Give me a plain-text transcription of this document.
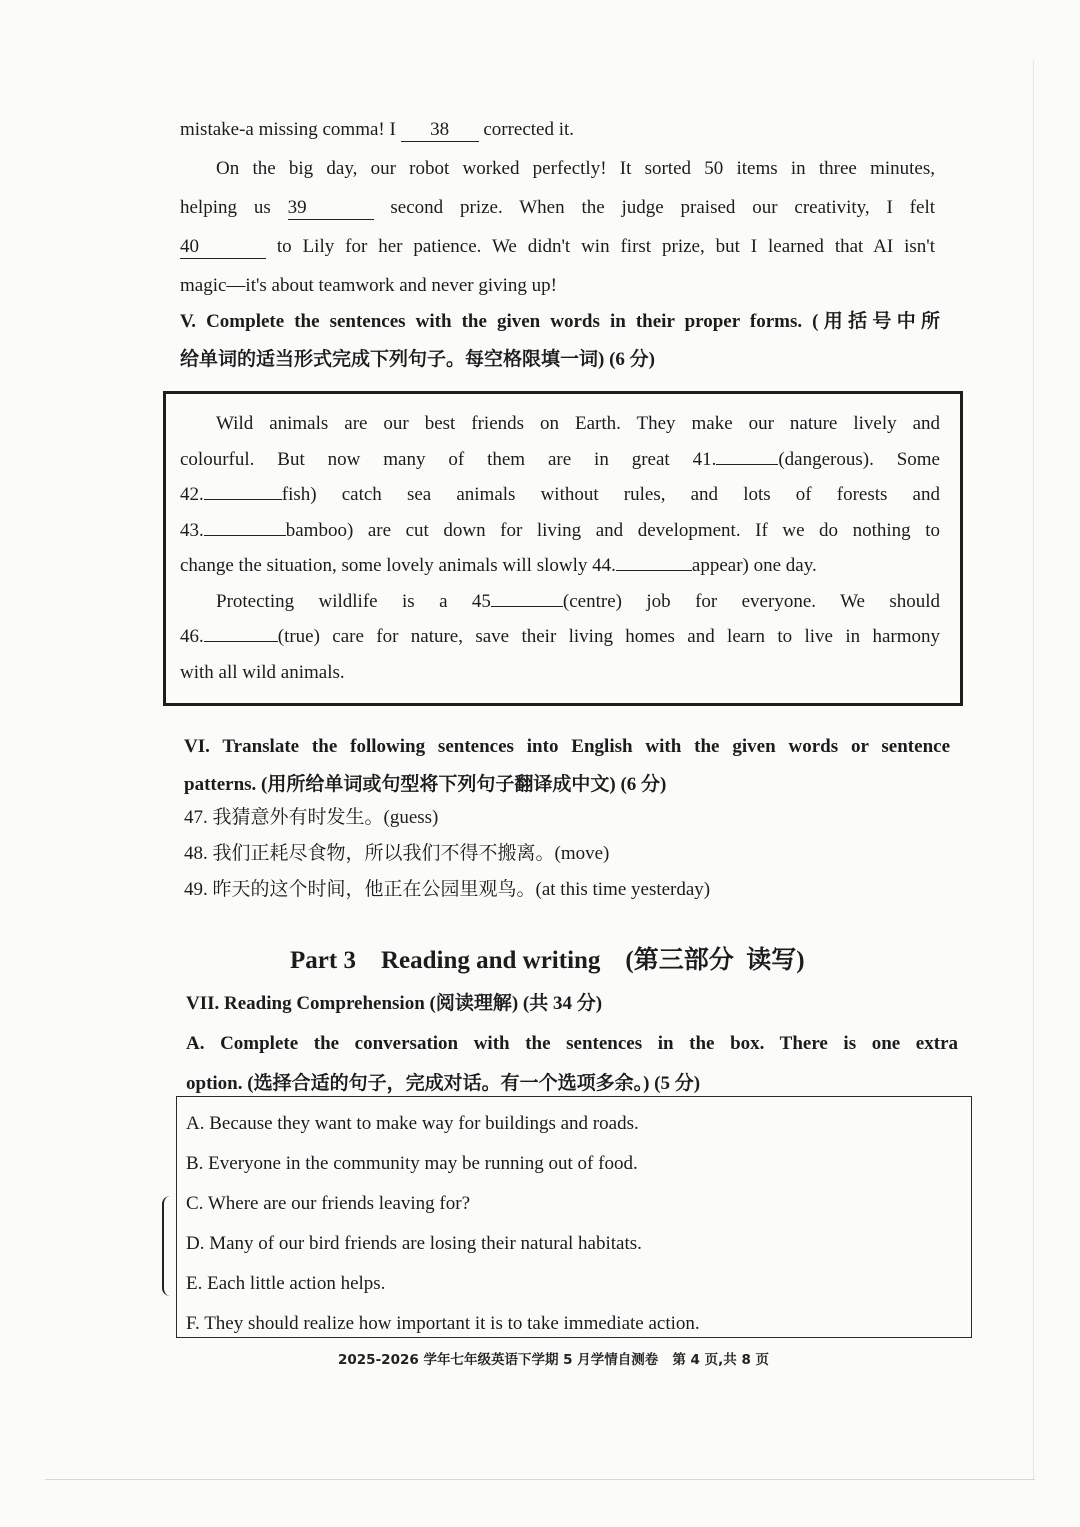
mistake-a missing comma! I 38 corrected it.
On the big day, our robot worked perfectly! It sorted 50 items in three minutes,
helping us 39	second prize. When the judge praised our creativity, I felt
40	to Lily for her patience. We didn't win first prize, but I learned that AI isn't
magic—it's about teamwork and never giving up!
V. Complete the sentences with the given words in their proper forms. (用括号中所
给单词的适当形式完成下列句子。每空格限填一词) (6 分)
Wild animals are our best friends on Earth. They make our nature lively and
colourful. But now many of them are in great 41.	(dangerous). Some
42.	fish) catch sea animals without rules, and lots of forests and
43.	bamboo) are cut down for living and development. If we do nothing to
change the situation, some lovely animals will slowly 44.	appear) one day.
Protecting wildlife is a 45	(centre) job for everyone. We should
46.	(true) care for nature, save their living homes and learn to live in harmony
with all wild animals.
VI. Translate the following sentences into English with the given words or sentence
patterns. (用所给单词或句型将下列句子翻译成中文) (6 分)
47. 我猜意外有时发生。(guess)
48. 我们正耗尽食物，所以我们不得不搬离。(move)
49. 昨天的这个时间，他正在公园里观鸟。(at this time yesterday)
Part 3    Reading and writing    (第三部分  读写)
VII. Reading Comprehension (阅读理解) (共 34 分)
A. Complete the conversation with the sentences in the box. There is one extra
option. (选择合适的句子，完成对话。有一个选项多余。) (5 分)
A. Because they want to make way for buildings and roads.
B. Everyone in the community may be running out of food.
C. Where are our friends leaving for?
D. Many of our bird friends are losing their natural habitats.
E. Each little action helps.
F. They should realize how important it is to take immediate action.
2025-2026 学年七年级英语下学期 5 月学情自测卷   第 4 页,共 8 页
